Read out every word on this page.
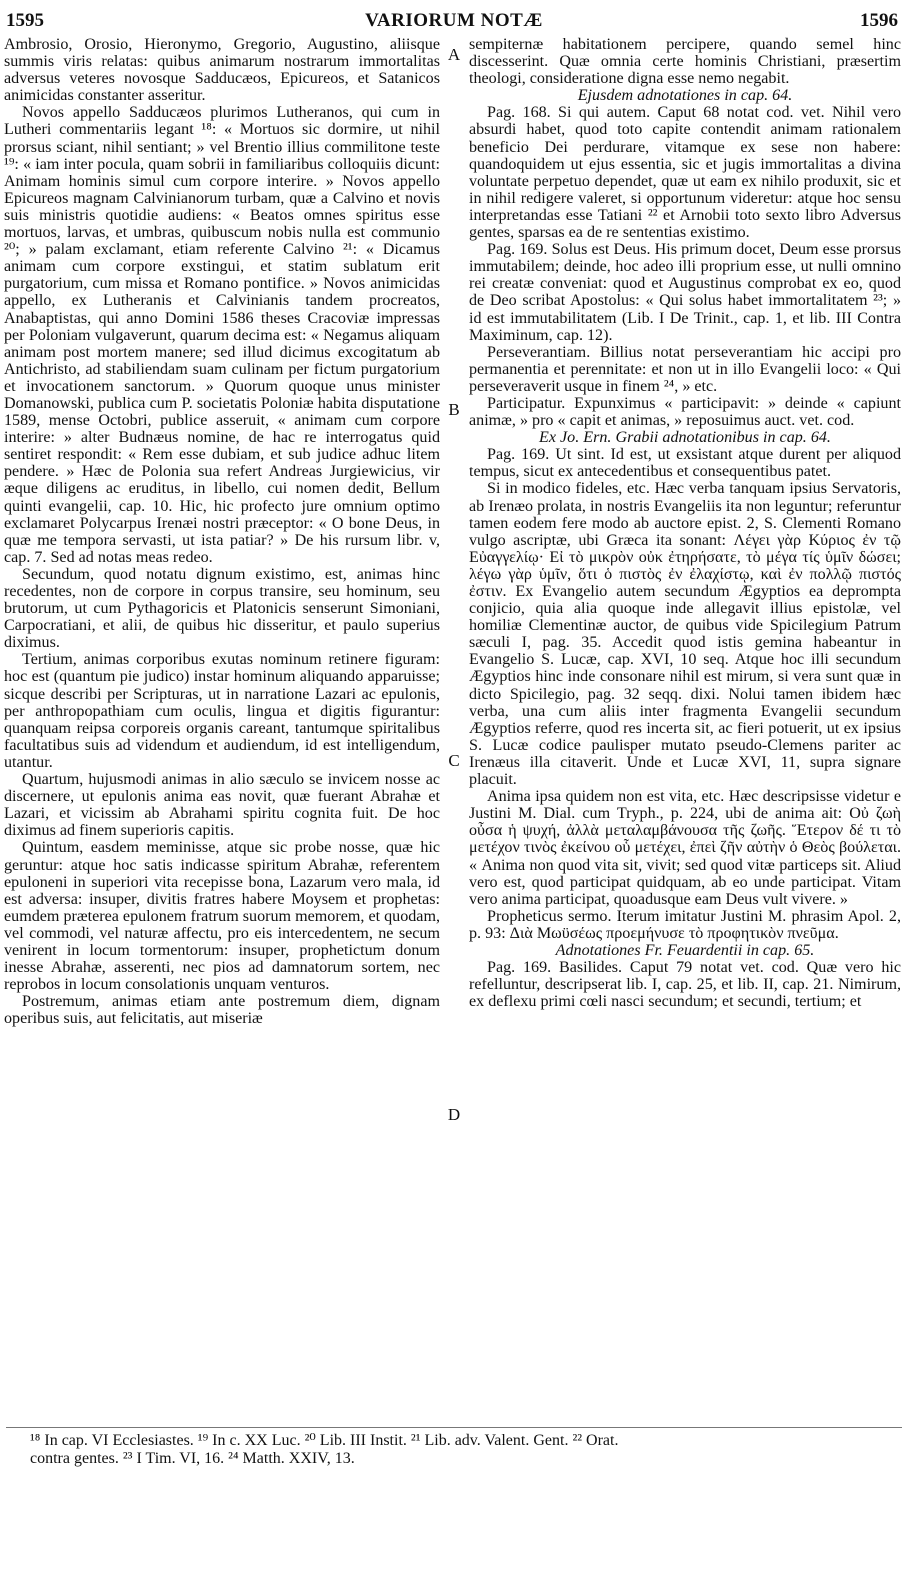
1595	VARIORUM NOTÆ	1596

Ambrosio, Orosio, Hieronymo, Gregorio, Augustino, aliisque summis viris relatas: quibus animarum nostrarum immortalitas adversus veteres novosque Sadducæos, Epicureos, et Satanicos animicidas constanter asseritur.

Novos appello Sadducæos plurimos Lutheranos, qui cum in Lutheri commentariis legant ¹⁸: « Mortuos sic dormire, ut nihil prorsus sciant, nihil sentiant; » vel Brentio illius commilitone teste ¹⁹: « iam inter pocula, quam sobrii in familiaribus colloquiis dicunt: Animam hominis simul cum corpore interire. » Novos appello Epicureos magnam Calvinianorum turbam, quæ a Calvino et novis suis ministris quotidie audiens: « Beatos omnes spiritus esse mortuos, larvas, et umbras, quibuscum nobis nulla est communio ²⁰; » palam exclamant, etiam referente Calvino ²¹: « Dicamus animam cum corpore exstingui, et statim sublatum erit purgatorium, cum missa et Romano pontifice. » Novos animicidas appello, ex Lutheranis et Calvinianis tandem procreatos, Anabaptistas, qui anno Domini 1586 theses Cracoviæ impressas per Poloniam vulgaverunt, quarum decima est: « Negamus aliquam animam post mortem manere; sed illud dicimus excogitatum ab Antichristo, ad stabiliendam suam culinam per fictum purgatorium et invocationem sanctorum. » Quorum quoque unus minister Domanowski, publica cum P. societatis Poloniæ habita disputatione 1589, mense Octobri, publice asseruit, « animam cum corpore interire: » alter Budnæus nomine, de hac re interrogatus quid sentiret respondit: « Rem esse dubiam, et sub judice adhuc litem pendere. » Hæc de Polonia sua refert Andreas Jurgiewicius, vir æque diligens ac eruditus, in libello, cui nomen dedit, Bellum quinti evangelii, cap. 10. Hic, hic profecto jure omnium optimo exclamaret Polycarpus Irenæi nostri præceptor: « O bone Deus, in quæ me tempora servasti, ut ista patiar? » De his rursum libr. v, cap. 7. Sed ad notas meas redeo.

Secundum, quod notatu dignum existimo, est, animas hinc recedentes, non de corpore in corpus transire, seu hominum, seu brutorum, ut cum Pythagoricis et Platonicis senserunt Simoniani, Carpocratiani, et alii, de quibus hic disseritur, et paulo superius diximus.

Tertium, animas corporibus exutas nominum retinere figuram: hoc est (quantum pie judico) instar hominum aliquando apparuisse; sicque describi per Scripturas, ut in narratione Lazari ac epulonis, per anthropopathiam cum oculis, lingua et digitis figurantur: quanquam reipsa corporeis organis careant, tantumque spiritalibus facultatibus suis ad videndum et audiendum, id est intelligendum, utantur.

Quartum, hujusmodi animas in alio sæculo se invicem nosse ac discernere, ut epulonis anima eas novit, quæ fuerant Abrahæ et Lazari, et vicissim ab Abrahami spiritu cognita fuit. De hoc diximus ad finem superioris capitis.

Quintum, easdem meminisse, atque sic probe nosse, quæ hic geruntur: atque hoc satis indicasse spiritum Abrahæ, referentem epuloneni in superiori vita recepisse bona, Lazarum vero mala, id est adversa: insuper, divitis fratres habere Moysem et prophetas: eumdem præterea epulonem fratrum suorum memorem, et quodam, vel commodi, vel naturæ affectu, pro eis intercedentem, ne secum venirent in locum tormentorum: insuper, prophetictum donum inesse Abrahæ, asserenti, nec pios ad damnatorum sortem, nec reprobos in locum consolationis unquam venturos.

Postremum, animas etiam ante postremum diem, dignam operibus suis, aut felicitatis, aut miseriæ

sempiternæ habitationem percipere, quando semel hinc discesserint. Quæ omnia certe hominis Christiani, præsertim theologi, consideratione digna esse nemo negabit.

Ejusdem adnotationes in cap. 64.

Pag. 168. Si qui autem. Caput 68 notat cod. vet. Nihil vero absurdi habet, quod toto capite contendit animam rationalem beneficio Dei perdurare, vitamque ex sese non habere: quandoquidem ut ejus essentia, sic et jugis immortalitas a divina voluntate perpetuo dependet, quæ ut eam ex nihilo produxit, sic et in nihil redigere valeret, si opportunum videretur: atque hoc sensu interpretandas esse Tatiani ²² et Arnobii toto sexto libro Adversus gentes, sparsas ea de re sententias existimo.

Pag. 169. Solus est Deus. His primum docet, Deum esse prorsus immutabilem; deinde, hoc adeo illi proprium esse, ut nulli omnino rei creatæ conveniat: quod et Augustinus comprobat ex eo, quod de Deo scribat Apostolus: « Qui solus habet immortalitatem ²³; » id est immutabilitatem (Lib. I De Trinit., cap. 1, et lib. III Contra Maximinum, cap. 12).

Perseverantiam. Billius notat perseverantiam hic accipi pro permanentia et perennitate: et non ut in illo Evangelii loco: « Qui perseveraverit usque in finem ²⁴, » etc.

Participatur. Expunximus « participavit: » deinde « capiunt animæ, » pro « capit et animas, » reposuimus auct. vet. cod.

Ex Jo. Ern. Grabii adnotationibus in cap. 64.

Pag. 169. Ut sint. Id est, ut exsistant atque durent per aliquod tempus, sicut ex antecedentibus et consequentibus patet.

Si in modico fideles, etc. Hæc verba tanquam ipsius Servatoris, ab Irenæo prolata, in nostris Evangeliis ita non leguntur; referuntur tamen eodem fere modo ab auctore epist. 2, S. Clementi Romano vulgo ascriptæ, ubi Græca ita sonant: Λέγει γὰρ Κύριος ἐν τῷ Εὐαγγελίῳ· Εἰ τὸ μικρὸν οὐκ ἐτηρήσατε, τὸ μέγα τίς ὑμῖν δώσει; λέγω γὰρ ὑμῖν, ὅτι ὁ πιστὸς ἐν ἐλαχίστῳ, καὶ ἐν πολλῷ πιστός ἐστιν. Ex Evangelio autem secundum Ægyptios ea deprompta conjicio, quia alia quoque inde allegavit illius epistolæ, vel homiliæ Clementinæ auctor, de quibus vide Spicilegium Patrum sæculi I, pag. 35. Accedit quod istis gemina habeantur in Evangelio S. Lucæ, cap. XVI, 10 seq. Atque hoc illi secundum Ægyptios hinc inde consonare nihil est mirum, si vera sunt quæ in dicto Spicilegio, pag. 32 seqq. dixi. Nolui tamen ibidem hæc verba, una cum aliis inter fragmenta Evangelii secundum Ægyptios referre, quod res incerta sit, ac fieri potuerit, ut ex ipsius S. Lucæ codice paulisper mutato pseudo-Clemens pariter ac Irenæus illa citaverit. Unde et Lucæ XVI, 11, supra signare placuit.

Anima ipsa quidem non est vita, etc. Hæc descripsisse videtur e Justini M. Dial. cum Tryph., p. 224, ubi de anima ait: Οὐ ζωὴ οὖσα ἡ ψυχή, ἀλλὰ μεταλαμβάνουσα τῆς ζωῆς. Ἕτερον δέ τι τὸ μετέχον τινὸς ἐκείνου οὗ μετέχει, ἐπεὶ ζῆν αὐτὴν ὁ Θεὸς βούλεται. « Anima non quod vita sit, vivit; sed quod vitæ particeps sit. Aliud vero est, quod participat quidquam, ab eo unde participat. Vitam vero anima participat, quoadusque eam Deus vult vivere. »

Propheticus sermo. Iterum imitatur Justini M. phrasim Apol. 2, p. 93: Διὰ Μωϋσέως προεμήνυσε τὸ προφητικὸν πνεῦμα.

Adnotationes Fr. Feuardentii in cap. 65.

Pag. 169. Basilides. Caput 79 notat vet. cod. Quæ vero hic refelluntur, descripserat lib. I, cap. 25, et lib. II, cap. 21. Nimirum, ex deflexu primi cœli nasci secundum; et secundi, tertium; et

A
B
C
D
¹⁸ In cap. VI Ecclesiastes. ¹⁹ In c. XX Luc. ²⁰ Lib. III Instit. ²¹ Lib. adv. Valent. Gent. ²² Orat.
contra gentes. ²³ I Tim. VI, 16. ²⁴ Matth. XXIV, 13.
